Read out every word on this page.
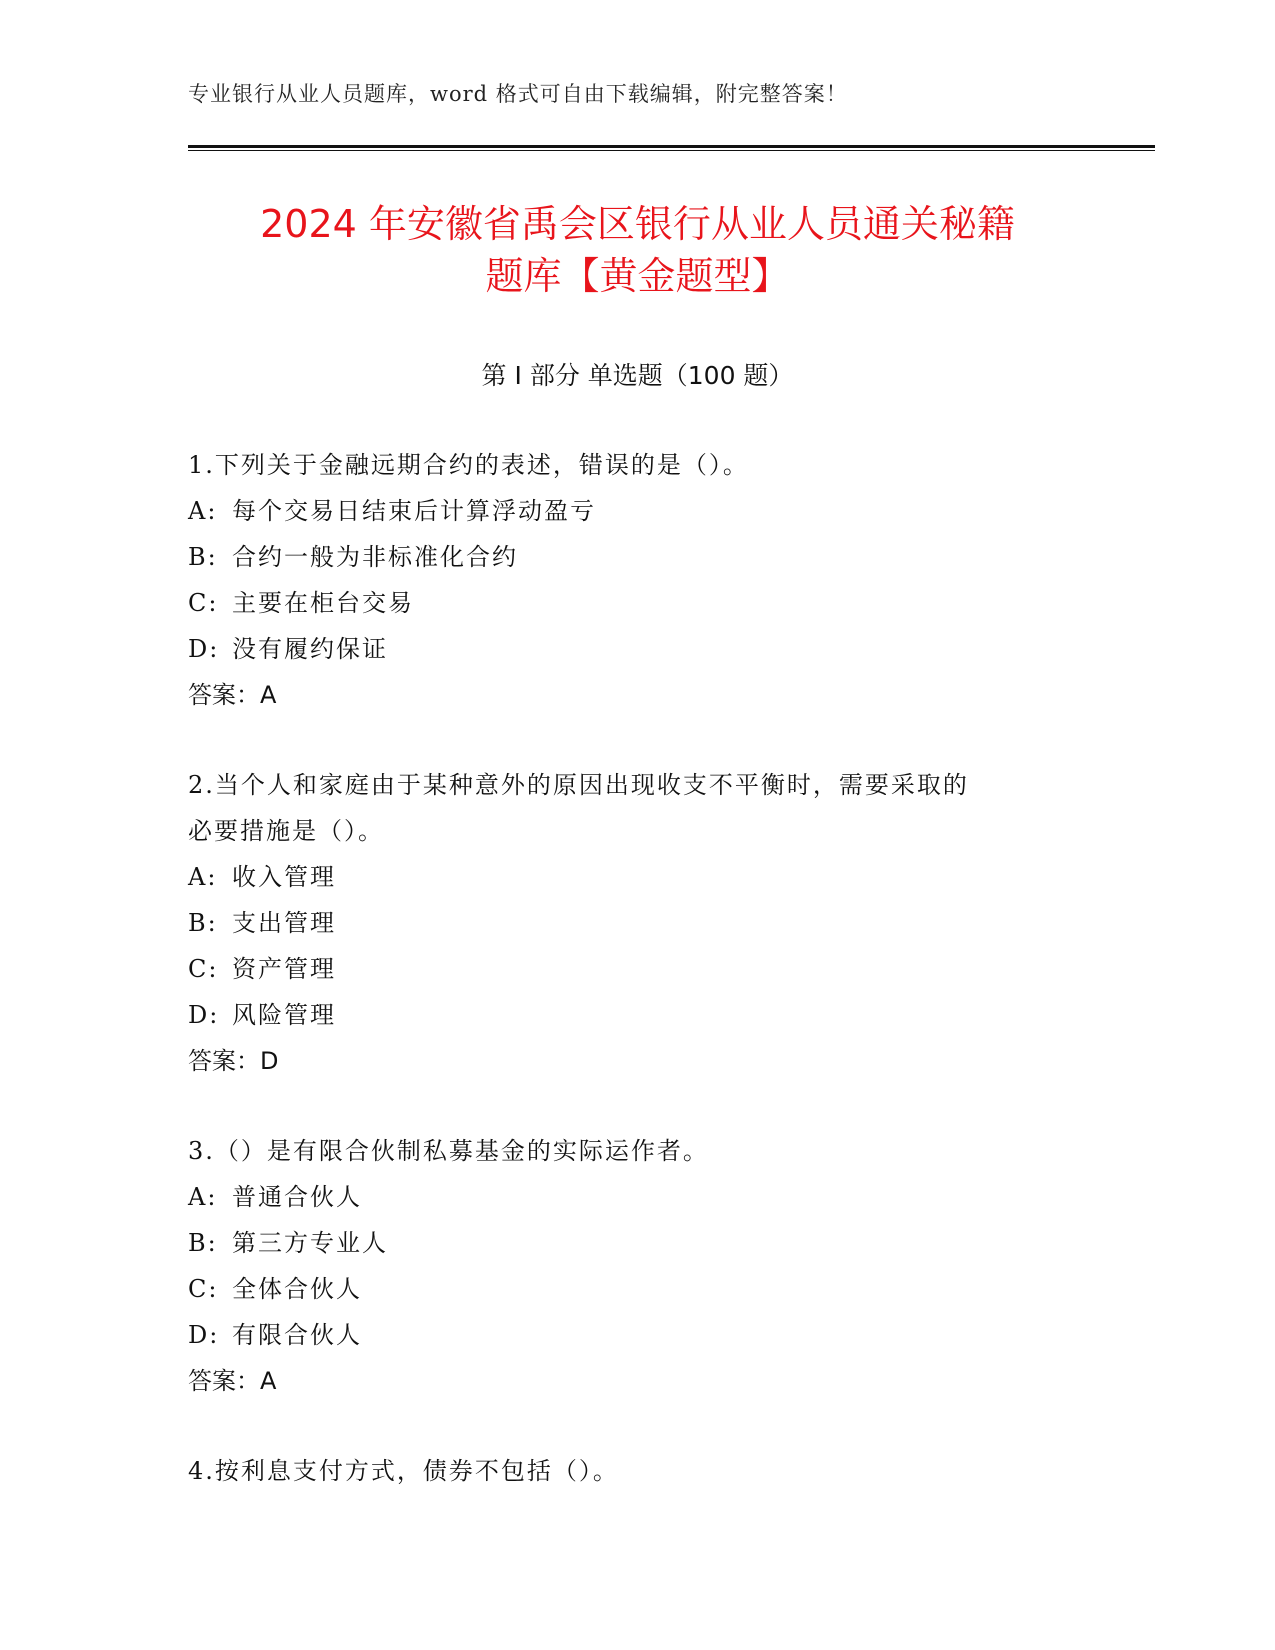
专业银行从业人员题库，word 格式可自由下载编辑，附完整答案！
2024 年安徽省禹会区银行从业人员通关秘籍
题库【黄金题型】
第 I 部分 单选题（100 题）
1.下列关于金融远期合约的表述，错误的是（）。
A: 每个交易日结束后计算浮动盈亏
B: 合约一般为非标准化合约
C: 主要在柜台交易
D: 没有履约保证
答案：A
2.当个人和家庭由于某种意外的原因出现收支不平衡时，需要采取的
必要措施是（）。
A: 收入管理
B: 支出管理
C: 资产管理
D: 风险管理
答案：D
3.（）是有限合伙制私募基金的实际运作者。
A: 普通合伙人
B: 第三方专业人
C: 全体合伙人
D: 有限合伙人
答案：A
4.按利息支付方式，债券不包括（）。
